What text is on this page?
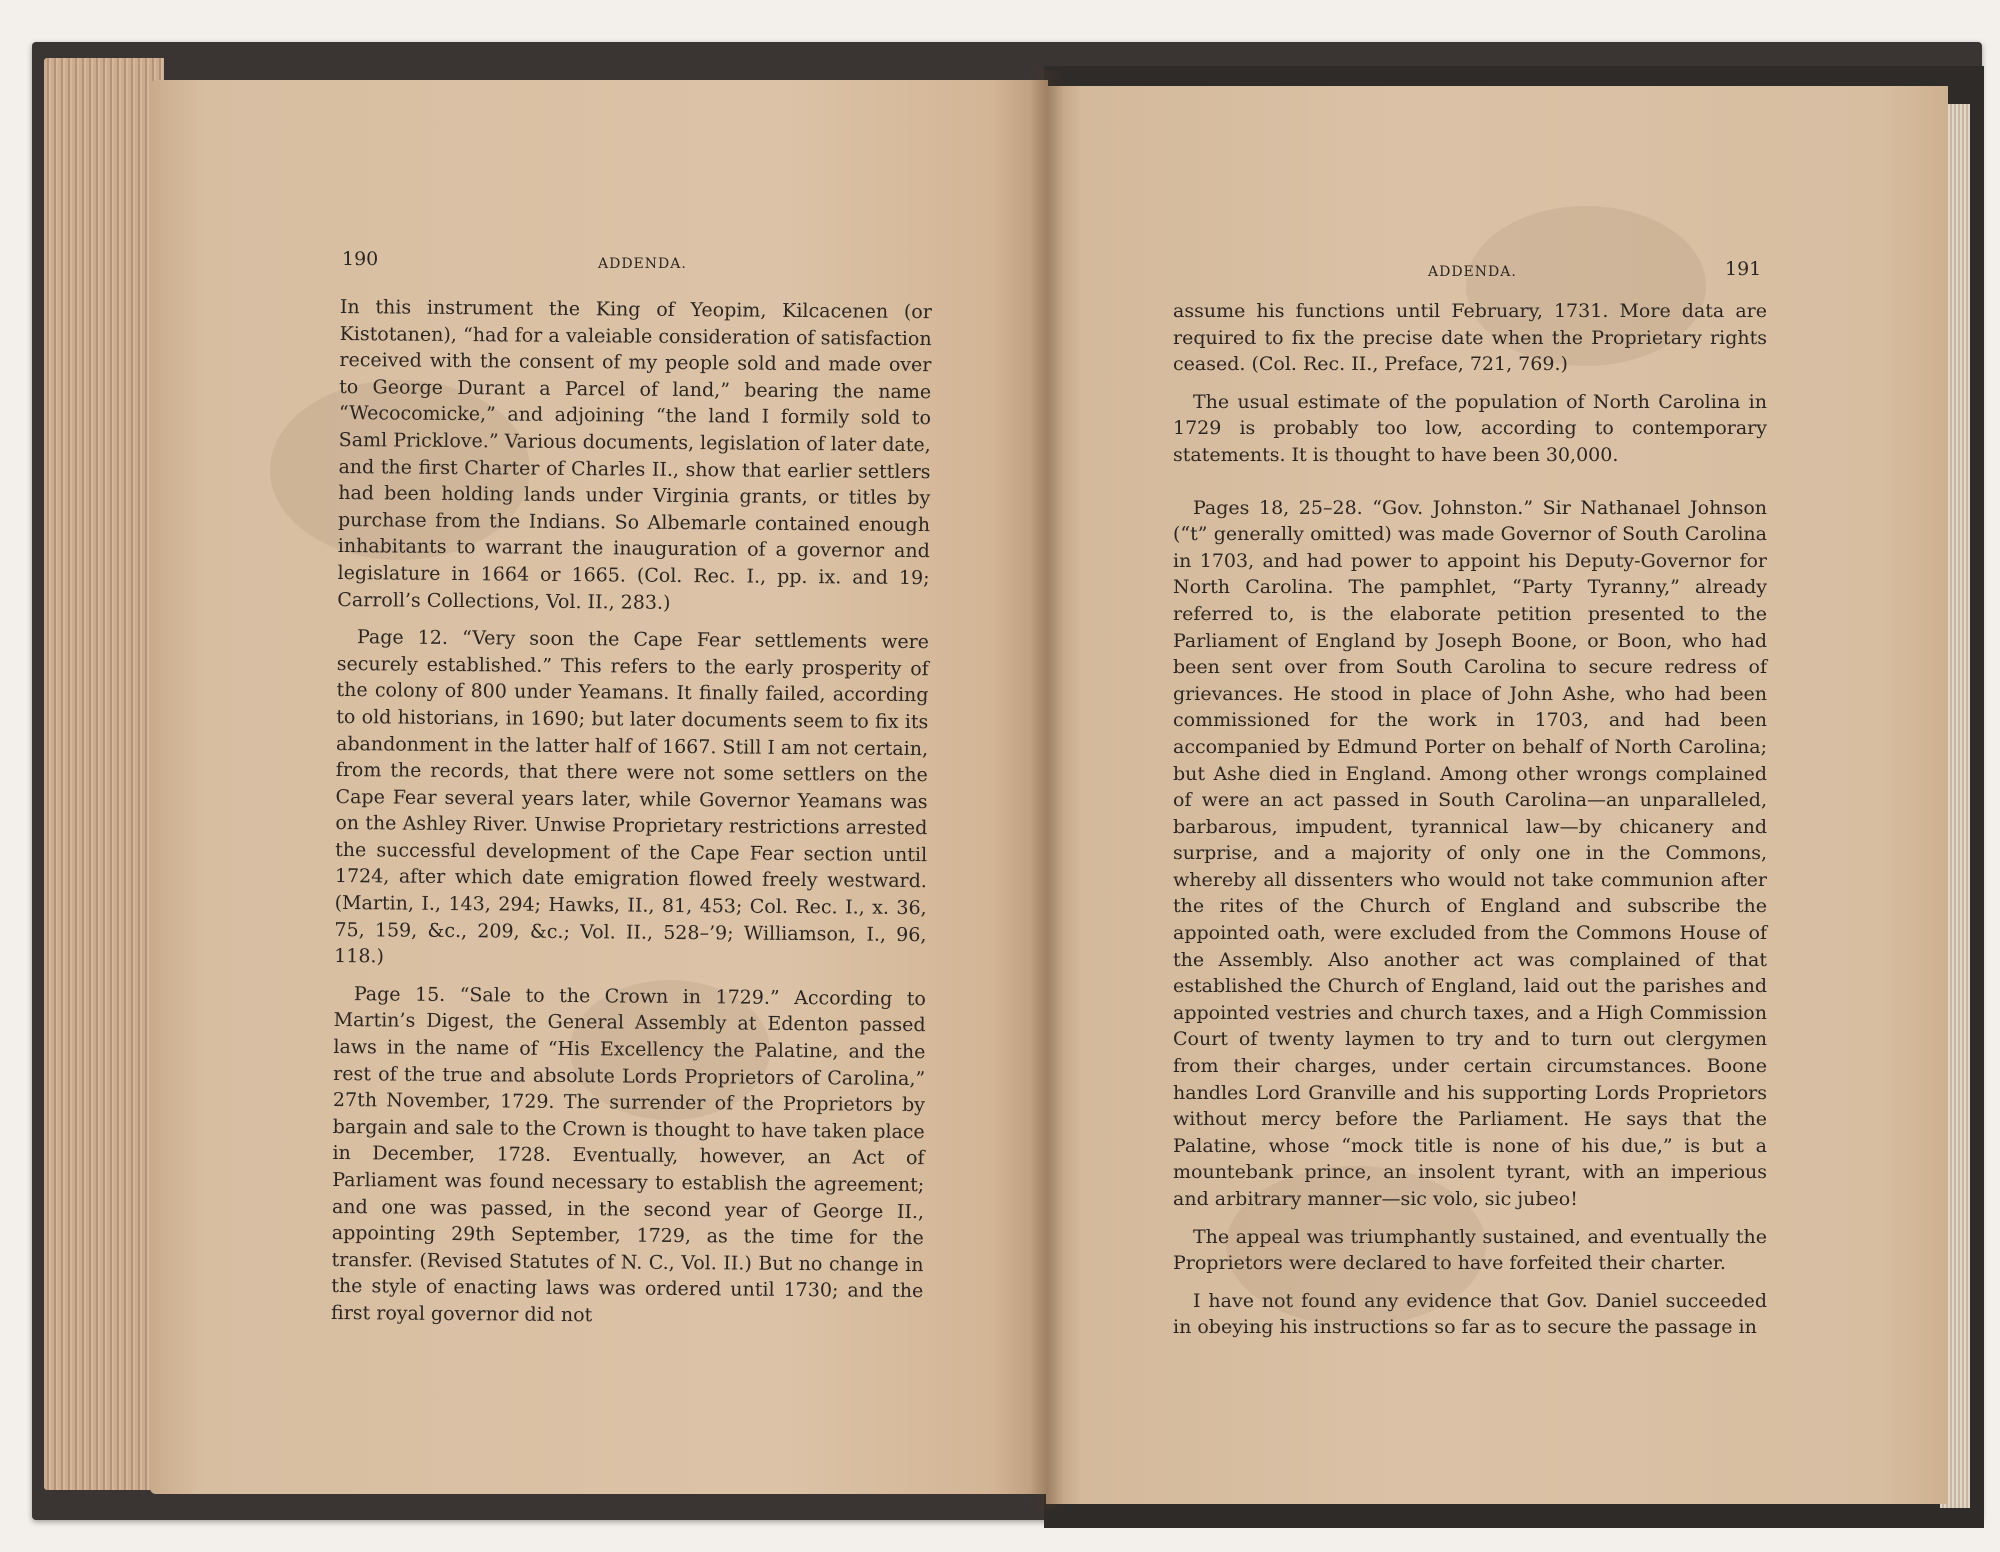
190	ADDENDA.

In this instrument the King of Yeopim, Kilcacenen (or Kistotanen), “had for a valeiable consideration of satisfaction received with the consent of my people sold and made over to George Durant a Parcel of land,” bearing the name “Wecocomicke,” and adjoining “the land I formily sold to Saml Pricklove.” Various documents, legislation of later date, and the first Charter of Charles II., show that earlier settlers had been holding lands under Virginia grants, or titles by purchase from the Indians. So Albemarle contained enough inhabitants to warrant the inauguration of a governor and legislature in 1664 or 1665. (Col. Rec. I., pp. ix. and 19; Carroll’s Collections, Vol. II., 283.)

Page 12. “Very soon the Cape Fear settlements were securely established.” This refers to the early prosperity of the colony of 800 under Yeamans. It finally failed, according to old historians, in 1690; but later documents seem to fix its abandonment in the latter half of 1667. Still I am not certain, from the records, that there were not some settlers on the Cape Fear several years later, while Governor Yeamans was on the Ashley River. Unwise Proprietary restrictions arrested the successful development of the Cape Fear section until 1724, after which date emigration flowed freely westward. (Martin, I., 143, 294; Hawks, II., 81, 453; Col. Rec. I., x. 36, 75, 159, &c., 209, &c.; Vol. II., 528–’9; Williamson, I., 96, 118.)

Page 15. “Sale to the Crown in 1729.” According to Martin’s Digest, the General Assembly at Edenton passed laws in the name of “His Excellency the Palatine, and the rest of the true and absolute Lords Proprietors of Carolina,” 27th November, 1729. The surrender of the Proprietors by bargain and sale to the Crown is thought to have taken place in December, 1728. Eventually, however, an Act of Parliament was found necessary to establish the agreement; and one was passed, in the second year of George II., appointing 29th September, 1729, as the time for the transfer. (Revised Statutes of N. C., Vol. II.) But no change in the style of enacting laws was ordered until 1730; and the first royal governor did not

ADDENDA.	191

assume his functions until February, 1731. More data are required to fix the precise date when the Proprietary rights ceased. (Col. Rec. II., Preface, 721, 769.)

The usual estimate of the population of North Carolina in 1729 is probably too low, according to contemporary statements. It is thought to have been 30,000.

Pages 18, 25–28. “Gov. Johnston.” Sir Nathanael Johnson (“t” generally omitted) was made Governor of South Carolina in 1703, and had power to appoint his Deputy-Governor for North Carolina. The pamphlet, “Party Tyranny,” already referred to, is the elaborate petition presented to the Parliament of England by Joseph Boone, or Boon, who had been sent over from South Carolina to secure redress of grievances. He stood in place of John Ashe, who had been commissioned for the work in 1703, and had been accompanied by Edmund Porter on behalf of North Carolina; but Ashe died in England. Among other wrongs complained of were an act passed in South Carolina—an unparalleled, barbarous, impudent, tyrannical law—by chicanery and surprise, and a majority of only one in the Commons, whereby all dissenters who would not take communion after the rites of the Church of England and subscribe the appointed oath, were excluded from the Commons House of the Assembly. Also another act was complained of that established the Church of England, laid out the parishes and appointed vestries and church taxes, and a High Commission Court of twenty laymen to try and to turn out clergymen from their charges, under certain circumstances. Boone handles Lord Granville and his supporting Lords Proprietors without mercy before the Parliament. He says that the Palatine, whose “mock title is none of his due,” is but a mountebank prince, an insolent tyrant, with an imperious and arbitrary manner—sic volo, sic jubeo!

The appeal was triumphantly sustained, and eventually the Proprietors were declared to have forfeited their charter.

I have not found any evidence that Gov. Daniel succeeded in obeying his instructions so far as to secure the passage in
